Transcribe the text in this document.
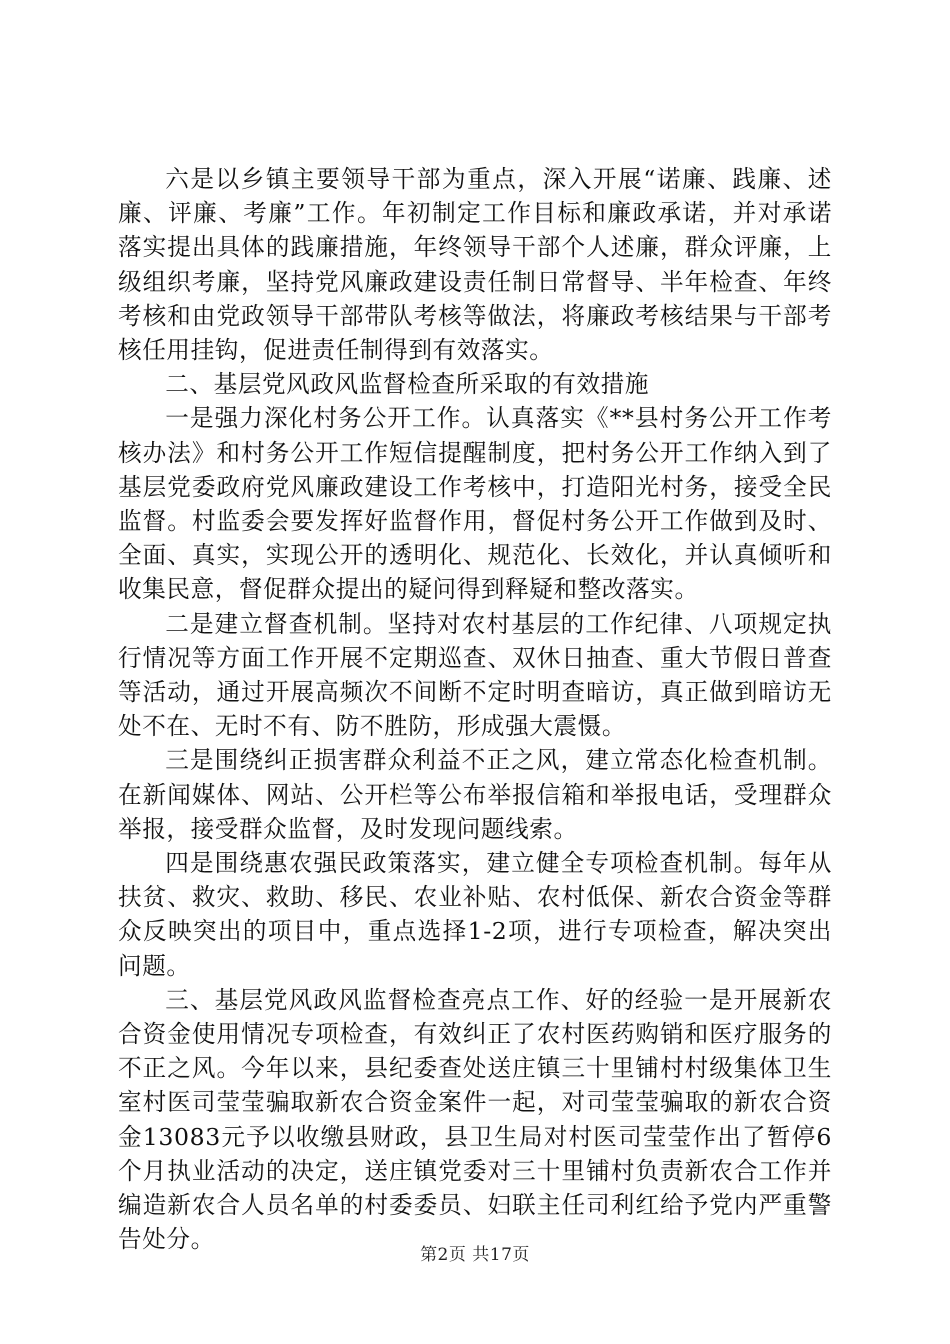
六是以乡镇主要领导干部为重点，深入开展“诺廉、践廉、述廉、评廉、考廉”工作。年初制定工作目标和廉政承诺，并对承诺落实提出具体的践廉措施，年终领导干部个人述廉，群众评廉，上级组织考廉，坚持党风廉政建设责任制日常督导、半年检查、年终考核和由党政领导干部带队考核等做法，将廉政考核结果与干部考核任用挂钩，促进责任制得到有效落实。

二、基层党风政风监督检查所采取的有效措施

一是强力深化村务公开工作。认真落实《**县村务公开工作考核办法》和村务公开工作短信提醒制度，把村务公开工作纳入到了基层党委政府党风廉政建设工作考核中，打造阳光村务，接受全民监督。村监委会要发挥好监督作用，督促村务公开工作做到及时、全面、真实，实现公开的透明化、规范化、长效化，并认真倾听和收集民意，督促群众提出的疑问得到释疑和整改落实。

二是建立督查机制。坚持对农村基层的工作纪律、八项规定执行情况等方面工作开展不定期巡查、双休日抽查、重大节假日普查等活动，通过开展高频次不间断不定时明查暗访，真正做到暗访无处不在、无时不有、防不胜防，形成强大震慑。

三是围绕纠正损害群众利益不正之风，建立常态化检查机制。在新闻媒体、网站、公开栏等公布举报信箱和举报电话，受理群众举报，接受群众监督，及时发现问题线索。

四是围绕惠农强民政策落实，建立健全专项检查机制。每年从扶贫、救灾、救助、移民、农业补贴、农村低保、新农合资金等群众反映突出的项目中，重点选择1-2项，进行专项检查，解决突出问题。

三、基层党风政风监督检查亮点工作、好的经验一是开展新农合资金使用情况专项检查，有效纠正了农村医药购销和医疗服务的不正之风。今年以来，县纪委查处送庄镇三十里铺村村级集体卫生室村医司莹莹骗取新农合资金案件一起，对司莹莹骗取的新农合资金13083元予以收缴县财政，县卫生局对村医司莹莹作出了暂停6个月执业活动的决定，送庄镇党委对三十里铺村负责新农合工作并编造新农合人员名单的村委委员、妇联主任司利红给予党内严重警告处分。

第2页 共17页
